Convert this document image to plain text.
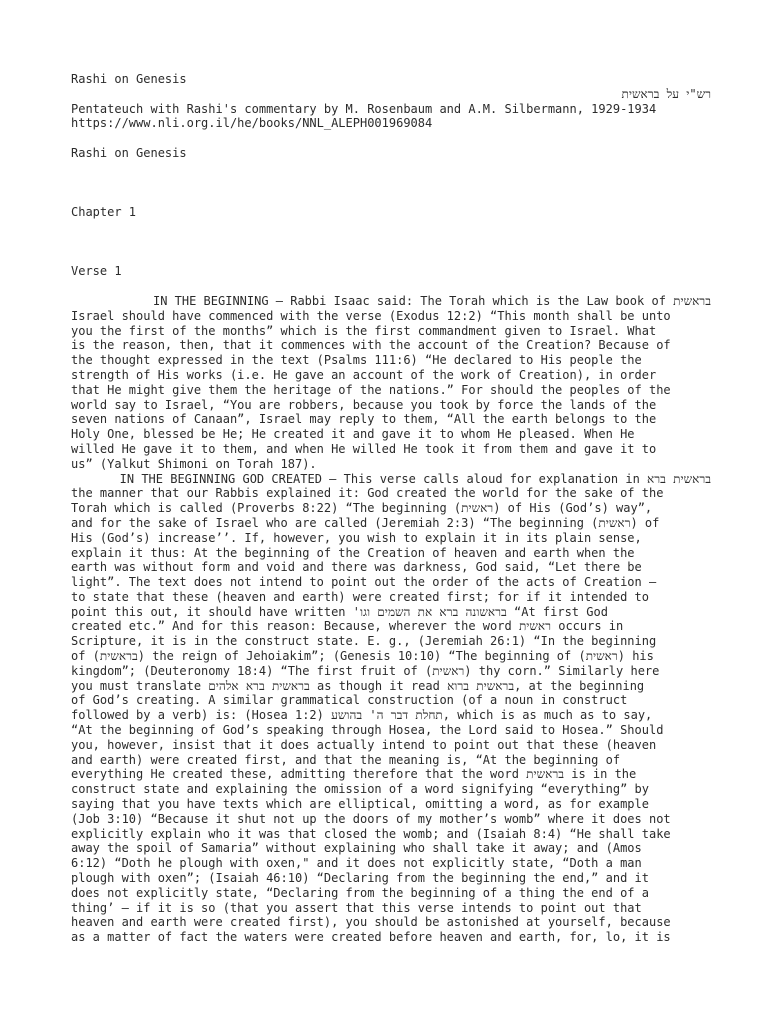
Rashi on Genesis
רש"י על בראשית
Pentateuch with Rashi's commentary by M. Rosenbaum and A.M. Silbermann, 1929-1934
https://www.nli.org.il/he/books/NNL_ALEPH001969084
Rashi on Genesis
Chapter 1
Verse 1
בראשית IN THE BEGINNING — Rabbi Isaac said: The Torah which is the Law book of
Israel should have commenced with the verse (Exodus 12:2) “This month shall be unto
you the first of the months” which is the first commandment given to Israel. What
is the reason, then, that it commences with the account of the Creation? Because of
the thought expressed in the text (Psalms 111:6) “He declared to His people the
strength of His works (i.e. He gave an account of the work of Creation), in order
that He might give them the heritage of the nations.” For should the peoples of the
world say to Israel, “You are robbers, because you took by force the lands of the
seven nations of Canaan”, Israel may reply to them, “All the earth belongs to the
Holy One, blessed be He; He created it and gave it to whom He pleased. When He
willed He gave it to them, and when He willed He took it from them and gave it to
us” (Yalkut Shimoni on Torah 187).
בראשית ברא IN THE BEGINNING GOD CREATED — This verse calls aloud for explanation in
the manner that our Rabbis explained it: God created the world for the sake of the
Torah which is called (Proverbs 8:22) “The beginning (ראשית) of His (God’s) way”,
and for the sake of Israel who are called (Jeremiah 2:3) “The beginning (ראשית) of
His (God’s) increase’’. If, however, you wish to explain it in its plain sense,
explain it thus: At the beginning of the Creation of heaven and earth when the
earth was without form and void and there was darkness, God said, “Let there be
light”. The text does not intend to point out the order of the acts of Creation —
to state that these (heaven and earth) were created first; for if it intended to
point this out, it should have written 'בראשונה ברא את השמים וגו “At first God
created etc.” And for this reason: Because, wherever the word ראשית occurs in
Scripture, it is in the construct state. E. g., (Jeremiah 26:1) “In the beginning
of (בראשית) the reign of Jehoiakim”; (Genesis 10:10) “The beginning of (ראשית) his
kingdom”; (Deuteronomy 18:4) “The first fruit of (ראשית) thy corn.” Similarly here
you must translate בראשית ברא אלהים as though it read בראשית ברוא, at the beginning
of God’s creating. A similar grammatical construction (of a noun in construct
followed by a verb) is: (Hosea 1:2) תחלת דבר ה' בהושע, which is as much as to say,
“At the beginning of God’s speaking through Hosea, the Lord said to Hosea.” Should
you, however, insist that it does actually intend to point out that these (heaven
and earth) were created first, and that the meaning is, “At the beginning of
everything He created these, admitting therefore that the word בראשית is in the
construct state and explaining the omission of a word signifying “everything” by
saying that you have texts which are elliptical, omitting a word, as for example
(Job 3:10) “Because it shut not up the doors of my mother’s womb” where it does not
explicitly explain who it was that closed the womb; and (Isaiah 8:4) “He shall take
away the spoil of Samaria” without explaining who shall take it away; and (Amos
6:12) “Doth he plough with oxen," and it does not explicitly state, “Doth a man
plough with oxen”; (Isaiah 46:10) “Declaring from the beginning the end,” and it
does not explicitly state, “Declaring from the beginning of a thing the end of a
thing’ — if it is so (that you assert that this verse intends to point out that
heaven and earth were created first), you should be astonished at yourself, because
as a matter of fact the waters were created before heaven and earth, for, lo, it is
